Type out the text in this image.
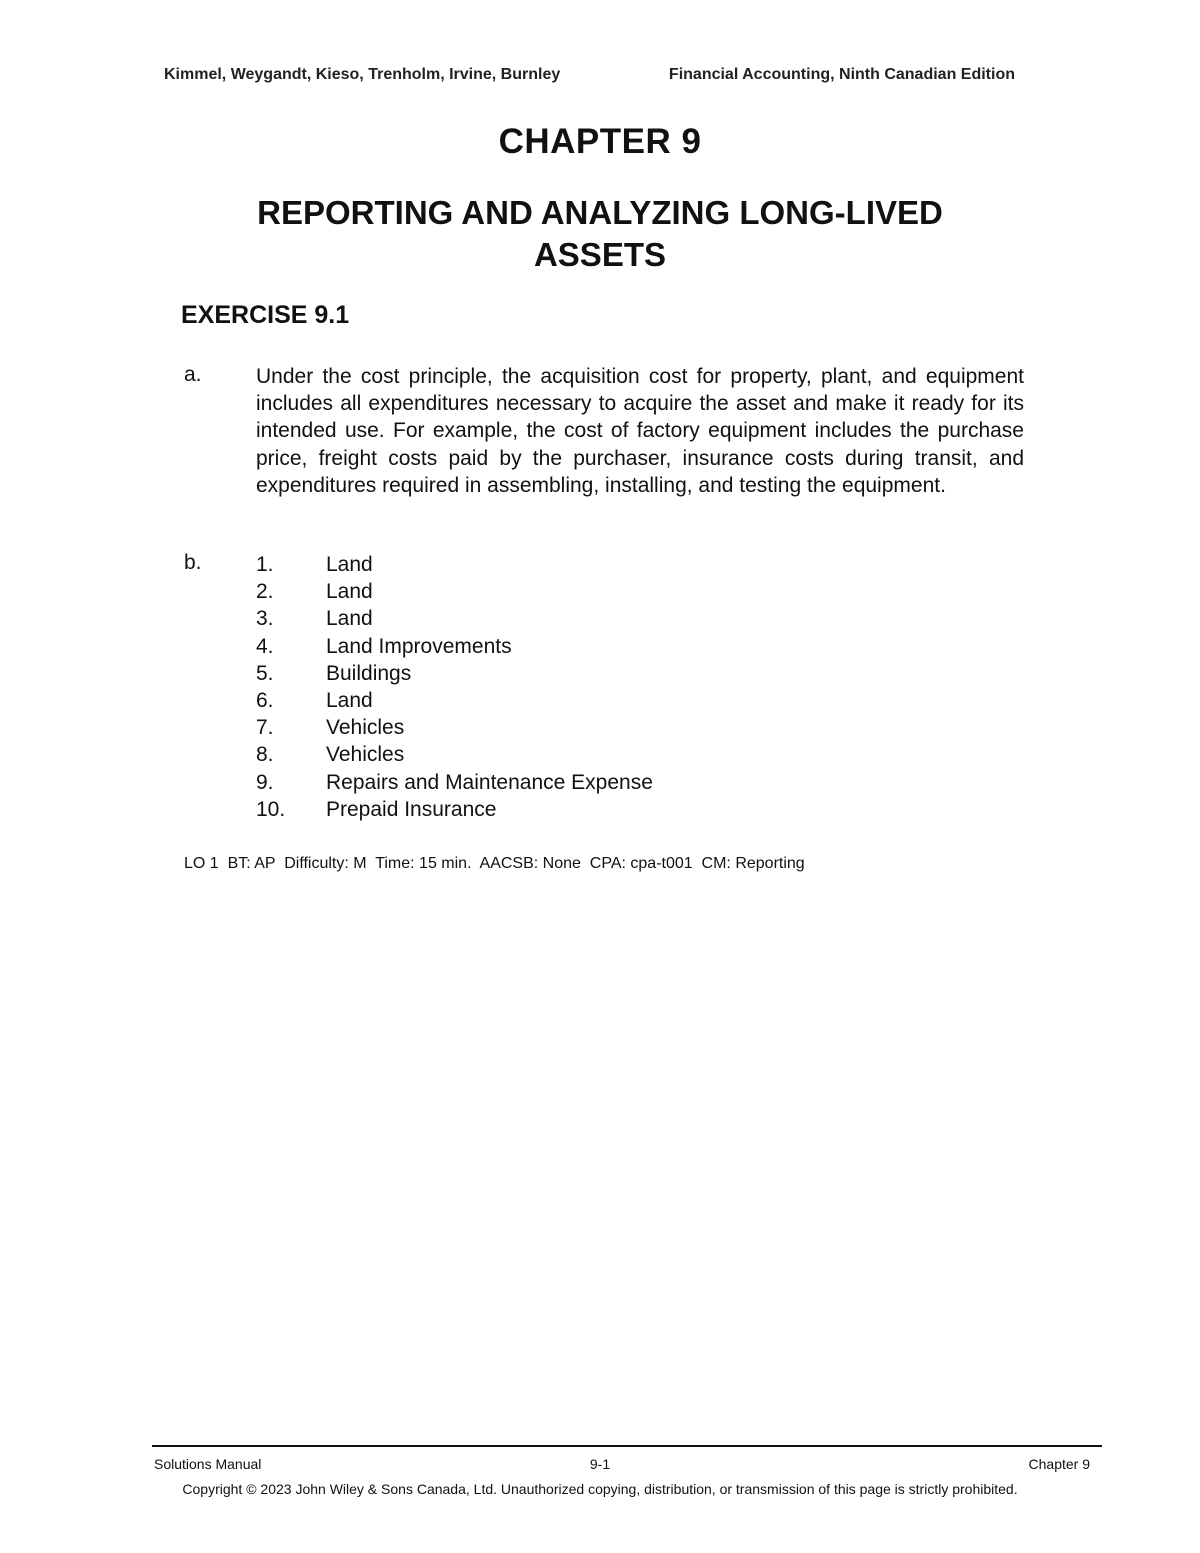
Kimmel, Weygandt, Kieso, Trenholm, Irvine, Burnley	Financial Accounting, Ninth Canadian Edition
CHAPTER 9
REPORTING AND ANALYZING LONG-LIVED ASSETS
EXERCISE 9.1
a.	Under the cost principle, the acquisition cost for property, plant, and equipment includes all expenditures necessary to acquire the asset and make it ready for its intended use. For example, the cost of factory equipment includes the purchase price, freight costs paid by the purchaser, insurance costs during transit, and expenditures required in assembling, installing, and testing the equipment.
b.	1. Land
2. Land
3. Land
4. Land Improvements
5. Buildings
6. Land
7. Vehicles
8. Vehicles
9. Repairs and Maintenance Expense
10. Prepaid Insurance
LO 1  BT: AP  Difficulty: M  Time: 15 min.  AACSB: None  CPA: cpa-t001  CM: Reporting
Solutions Manual	9-1	Chapter 9
Copyright © 2023 John Wiley & Sons Canada, Ltd. Unauthorized copying, distribution, or transmission of this page is strictly prohibited.
